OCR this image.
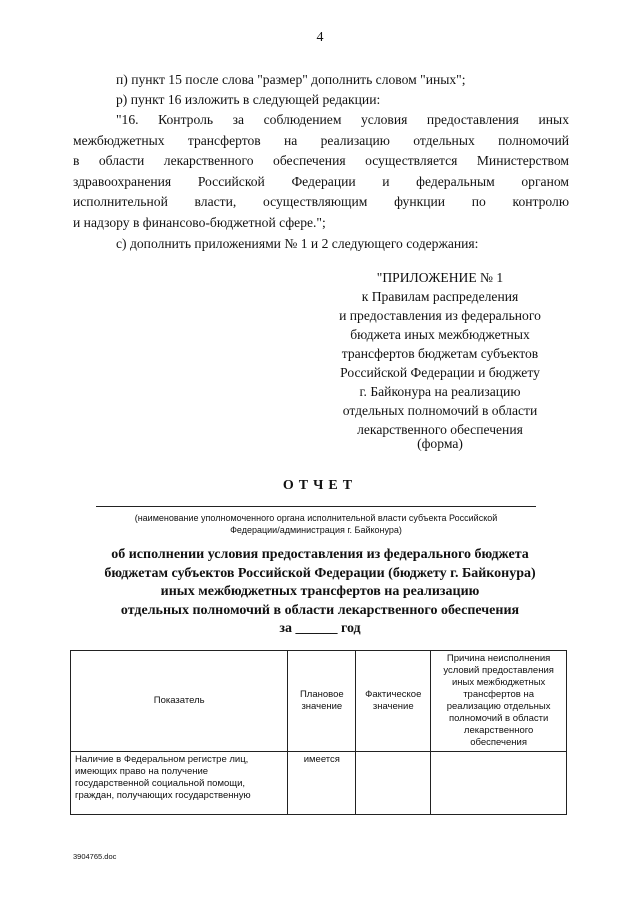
4
п) пункт 15 после слова "размер" дополнить словом "иных";
р) пункт 16 изложить в следующей редакции:
"16. Контроль за соблюдением условия предоставления иных
межбюджетных трансфертов на реализацию отдельных полномочий
в области лекарственного обеспечения осуществляется Министерством
здравоохранения Российской Федерации и федеральным органом
исполнительной власти, осуществляющим функции по контролю
и надзору в финансово-бюджетной сфере.";
с) дополнить приложениями № 1 и 2 следующего содержания:
"ПРИЛОЖЕНИЕ № 1
к Правилам распределения
и предоставления из федерального
бюджета иных межбюджетных
трансфертов бюджетам субъектов
Российской Федерации и бюджету
г. Байконура на реализацию
отдельных полномочий в области
лекарственного обеспечения
(форма)
ОТЧЕТ
(наименование уполномоченного органа исполнительной власти субъекта Российской
Федерации/администрация г. Байконура)
об исполнении условия предоставления из федерального бюджета
бюджетам субъектов Российской Федерации (бюджету г. Байконура)
иных межбюджетных трансфертов на реализацию
отдельных полномочий в области лекарственного обеспечения
за ______ год
Показатель	Плановое значение	Фактическое значение	Причина неисполнения условий предоставления иных межбюджетных трансфертов на реализацию отдельных полномочий в области лекарственного обеспечения
Наличие в Федеральном регистре лиц, имеющих право на получение государственной социальной помощи, граждан, получающих государственную	имеется		
3904765.doc
